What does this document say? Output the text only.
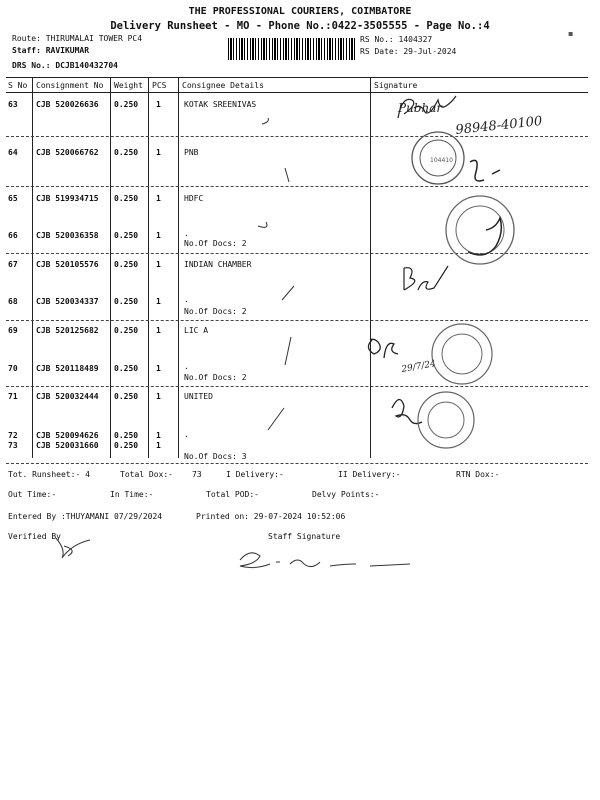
THE PROFESSIONAL COURIERS, COIMBATORE
Delivery Runsheet - MO - Phone No.:0422-3505555 - Page No.:4
Route: THIRUMALAI TOWER PC4
Staff: RAVIKUMAR
DRS No.: DCJB140432704
RS No.: 1404327
RS Date: 29-Jul-2024
S No Consignment No Weight PCS Consignee Details	Signature
63 CJB 520026636 0.250 1	KOTAK SREENIVAS
64 CJB 520066762 0.250 1	PNB
65 CJB 519934715 0.250 1	HDFC
66 CJB 520036358 0.250 1	.
No.Of Docs: 2
67 CJB 520105576 0.250 1	INDIAN CHAMBER
68 CJB 520034337 0.250 1	.
No.Of Docs: 2
69 CJB 520125682 0.250 1	LIC A
70 CJB 520118489 0.250 1	.
No.Of Docs: 2
71 CJB 520032444 0.250 1	UNITED
72 CJB 520094626 0.250 1	.
73 CJB 520031660 0.250 1
No.Of Docs: 3
Tot. Runsheet:- 4	Total Dox:- 73	I Delivery:-	II Delivery:-	RTN Dox:-
Out Time:-	In Time:-	Total POD:-	Delvy Points:-
Entered By :THUYAMANI 07/29/2024	Printed on: 29-07-2024 10:52:06
Verified By	Staff Signature
Pubhar
98948-40100
104410
29/7/24
▪
